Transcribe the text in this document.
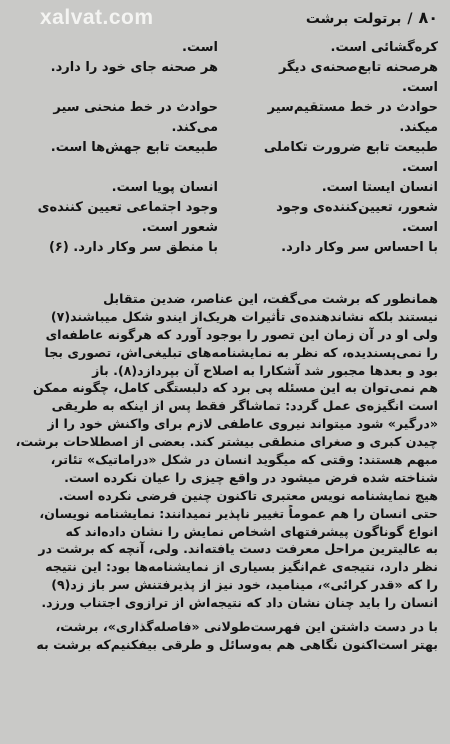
xalvat.com	۸۰/برتولت برشت
کره‌گشائی است.
هرصحنه تابع‌صحنه‌ی دیگر
است.
حوادث در خط مستقیم‌سیر
میکند.
طبیعت تابع ضرورت تکاملی
است.
انسان ایستا است.
شعور، تعیین‌کننده‌ی وجود
است.
با احساس سر وکار دارد.
است.
هر صحنه جای خود را دارد.
حوادث در خط منحنی سیر
می‌کند.
طبیعت تابع جهش‌ها است.
انسان پویا است.
وجود اجتماعی تعیین کننده‌ی
شعور است.
با منطق سر وکار دارد. (۶)
همانطور که برشت می‌گفت، این عناصر، ضدین متقابل
نیستند بلکه نشاندهنده‌ی تأثیرات هریک‌از ایندو شکل میباشند(۷)
ولی او در آن زمان این تصور را بوجود آورد که هرگونه عاطفه‌ای
را نمی‌پسندیده، که نظر به نمایشنامه‌های تبلیغی‌اش، تصوری بجا
بود و بعدها مجبور شد آشکارا به اصلاح آن بپردازد(۸). باز
هم نمی‌توان به این مسئله پی برد که دلبستگی کامل، چگونه ممکن
است انگیزه‌ی عمل گردد: تماشاگر فقط پس از اینکه به طریقی
«درگیر» شود میتواند نیروی عاطفی لازم برای واکنش خود را از
چیدن کبری و صغرای منطقی بیشتر کند. بعضی از اصطلاحات برشت،
مبهم هستند: وقتی که میگوید انسان در شکل «دراماتیک» تئاتر،
شناخته شده فرض میشود در واقع چیزی را عیان نکرده است.
هیچ نمایشنامه نویس معتبری تاکنون چنین فرضی نکرده است.
حتی انسان را هم عموماً تغییر ناپذیر نمیدانند: نمایشنامه نویسان،
انواع گوناگون پیشرفتهای اشخاص نمایش را نشان داده‌اند که
به عالیترین مراحل معرفت دست یافته‌اند. ولی، آنچه که برشت در
نظر دارد، نتیجه‌ی غم‌انگیز بسیاری از نمایشنامه‌ها بود: این نتیجه
را که «قدر کرائی»، مینامید، خود نیز از پذیرفتنش سر باز زد(۹)
انسان را باید چنان نشان داد که نتیجه‌اش از ترازوی اجتناب ورزد.
با در دست داشتن این فهرست‌طولانی «فاصله‌گذاری»، برشت،
بهتر است‌اکنون نگاهی هم به‌وسائل و طرقی بیفکنیم‌که برشت به
